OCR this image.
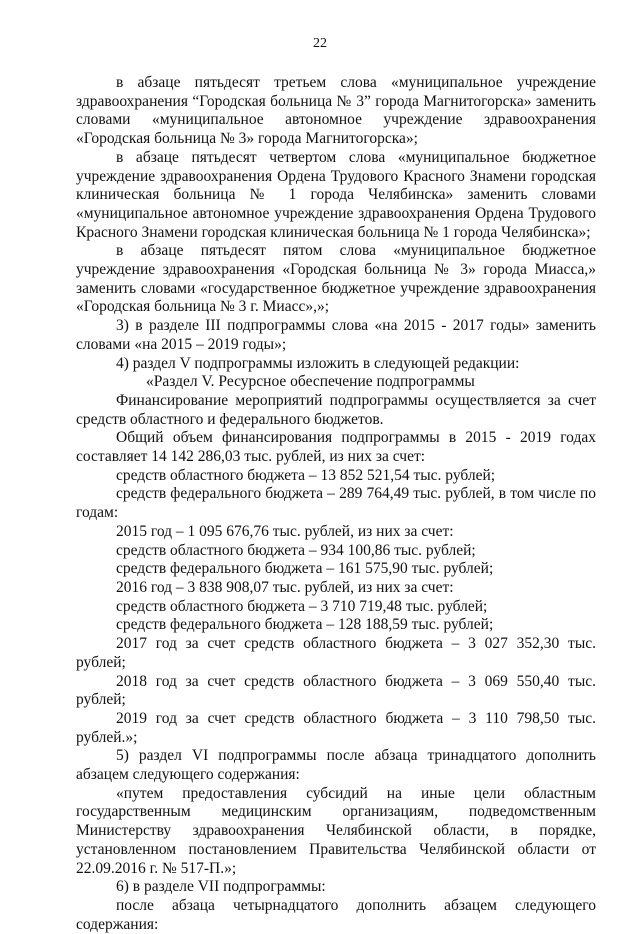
22

в абзаце пятьдесят третьем слова «муниципальное учреждение здравоохранения “Городская больница № 3” города Магнитогорска» заменить словами «муниципальное автономное учреждение здравоохранения «Городская больница № 3» города Магнитогорска»;

в абзаце пятьдесят четвертом слова «муниципальное бюджетное учреждение здравоохранения Ордена Трудового Красного Знамени городская клиническая больница № 1 города Челябинска» заменить словами «муниципальное автономное учреждение здравоохранения Ордена Трудового Красного Знамени городская клиническая больница № 1 города Челябинска»;

в абзаце пятьдесят пятом слова «муниципальное бюджетное учреждение здравоохранения «Городская больница № 3» города Миасса,» заменить словами «государственное бюджетное учреждение здравоохранения «Городская больница № 3 г. Миасс»,»;

3) в разделе III подпрограммы слова «на 2015 - 2017 годы» заменить словами «на 2015 – 2019 годы»;

4) раздел V подпрограммы изложить в следующей редакции:

«Раздел V. Ресурсное обеспечение подпрограммы

Финансирование мероприятий подпрограммы осуществляется за счет средств областного и федерального бюджетов.

Общий объем финансирования подпрограммы в 2015 - 2019 годах составляет 14 142 286,03 тыс. рублей, из них за счет:

средств областного бюджета – 13 852 521,54 тыс. рублей;

средств федерального бюджета – 289 764,49 тыс. рублей, в том числе по годам:

2015 год – 1 095 676,76 тыс. рублей, из них за счет:

средств областного бюджета – 934 100,86 тыс. рублей;

средств федерального бюджета – 161 575,90 тыс. рублей;

2016 год – 3 838 908,07 тыс. рублей, из них за счет:

средств областного бюджета – 3 710 719,48 тыс. рублей;

средств федерального бюджета – 128 188,59 тыс. рублей;

2017 год за счет средств областного бюджета – 3 027 352,30 тыс. рублей;

2018 год за счет средств областного бюджета – 3 069 550,40 тыс. рублей;

2019 год за счет средств областного бюджета – 3 110 798,50 тыс. рублей.»;

5) раздел VI подпрограммы после абзаца тринадцатого дополнить абзацем следующего содержания:

«путем предоставления субсидий на иные цели областным государственным медицинским организациям, подведомственным Министерству здравоохранения Челябинской области, в порядке, установленном постановлением Правительства Челябинской области от 22.09.2016 г. № 517-П.»;

6) в разделе VII подпрограммы:

после абзаца четырнадцатого дополнить абзацем следующего содержания:
